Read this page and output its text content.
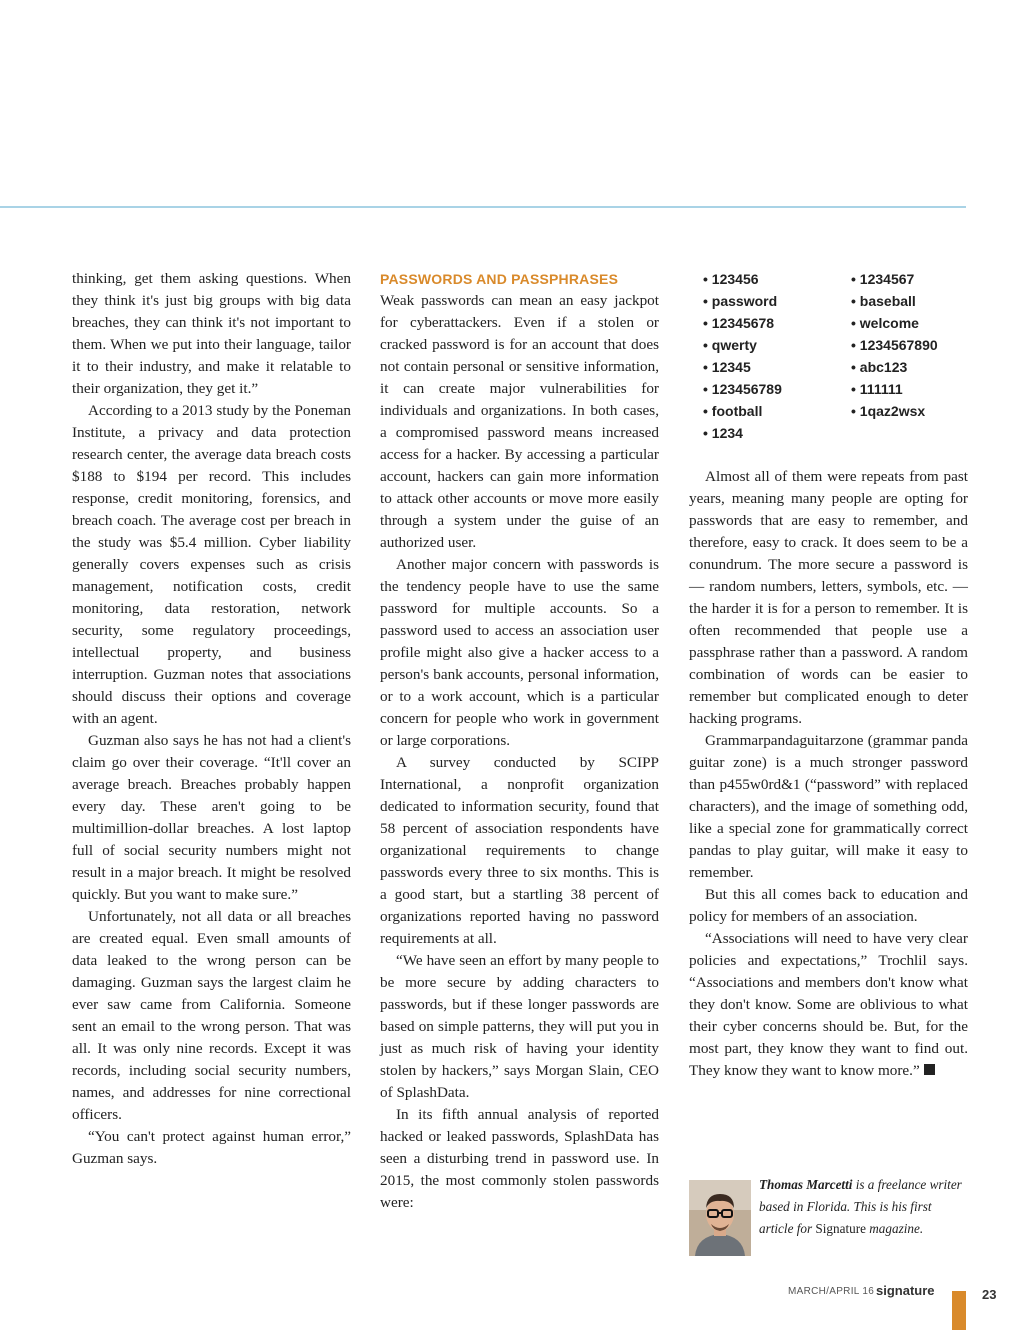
thinking, get them asking questions. When they think it's just big groups with big data breaches, they can think it's not important to them. When we put into their language, tailor it to their industry, and make it relatable to their organization, they get it.”

According to a 2013 study by the Poneman Institute, a privacy and data protection research center, the average data breach costs $188 to $194 per record. This includes response, credit monitoring, forensics, and breach coach. The average cost per breach in the study was $5.4 million. Cyber liability generally covers expenses such as crisis management, notification costs, credit monitoring, data restoration, network security, some regulatory proceedings, intellectual property, and business interruption. Guzman notes that associations should discuss their options and coverage with an agent.

Guzman also says he has not had a client's claim go over their coverage. “It'll cover an average breach. Breaches probably happen every day. These aren't going to be multimillion-dollar breaches. A lost laptop full of social security numbers might not result in a major breach. It might be resolved quickly. But you want to make sure.”

Unfortunately, not all data or all breaches are created equal. Even small amounts of data leaked to the wrong person can be damaging. Guzman says the largest claim he ever saw came from California. Someone sent an email to the wrong person. That was all. It was only nine records. Except it was records, including social security numbers, names, and addresses for nine correctional officers.

“You can't protect against human error,” Guzman says.

PASSWORDS AND PASSPHRASES

Weak passwords can mean an easy jackpot for cyberattackers. Even if a stolen or cracked password is for an account that does not contain personal or sensitive information, it can create major vulnerabilities for individuals and organizations. In both cases, a compromised password means increased access for a hacker. By accessing a particular account, hackers can gain more information to attack other accounts or move more easily through a system under the guise of an authorized user.

Another major concern with passwords is the tendency people have to use the same password for multiple accounts. So a password used to access an association user profile might also give a hacker access to a person's bank accounts, personal information, or to a work account, which is a particular concern for people who work in government or large corporations.

A survey conducted by SCIPP International, a nonprofit organization dedicated to information security, found that 58 percent of association respondents have organizational requirements to change passwords every three to six months. This is a good start, but a startling 38 percent of organizations reported having no password requirements at all.

“We have seen an effort by many people to be more secure by adding characters to passwords, but if these longer passwords are based on simple patterns, they will put you in just as much risk of having your identity stolen by hackers,” says Morgan Slain, CEO of SplashData.

In its fifth annual analysis of reported hacked or leaked passwords, SplashData has seen a disturbing trend in password use. In 2015, the most commonly stolen passwords were:

• 123456	• 1234567
• password	• baseball
• 12345678	• welcome
• qwerty	• 1234567890
• 12345	• abc123
• 123456789	• 111111
• football	• 1qaz2wsx
• 1234

Almost all of them were repeats from past years, meaning many people are opting for passwords that are easy to remember, and therefore, easy to crack. It does seem to be a conundrum. The more secure a password is — random numbers, letters, symbols, etc. — the harder it is for a person to remember. It is often recommended that people use a passphrase rather than a password. A random combination of words can be easier to remember but complicated enough to deter hacking programs.

Grammarpandaguitarzone (grammar panda guitar zone) is a much stronger password than p455w0rd&1 (“password” with replaced characters), and the image of something odd, like a special zone for grammatically correct pandas to play guitar, will make it easy to remember.

But this all comes back to education and policy for members of an association.

“Associations will need to have very clear policies and expectations,” Trochlil says. “Associations and members don't know what they don't know. Some are oblivious to what their cyber concerns should be. But, for the most part, they know they want to find out. They know they want to know more.”

Thomas Marcetti is a freelance writer based in Florida. This is his first article for Signature magazine.
MARCH/APRIL 16 signature	23
